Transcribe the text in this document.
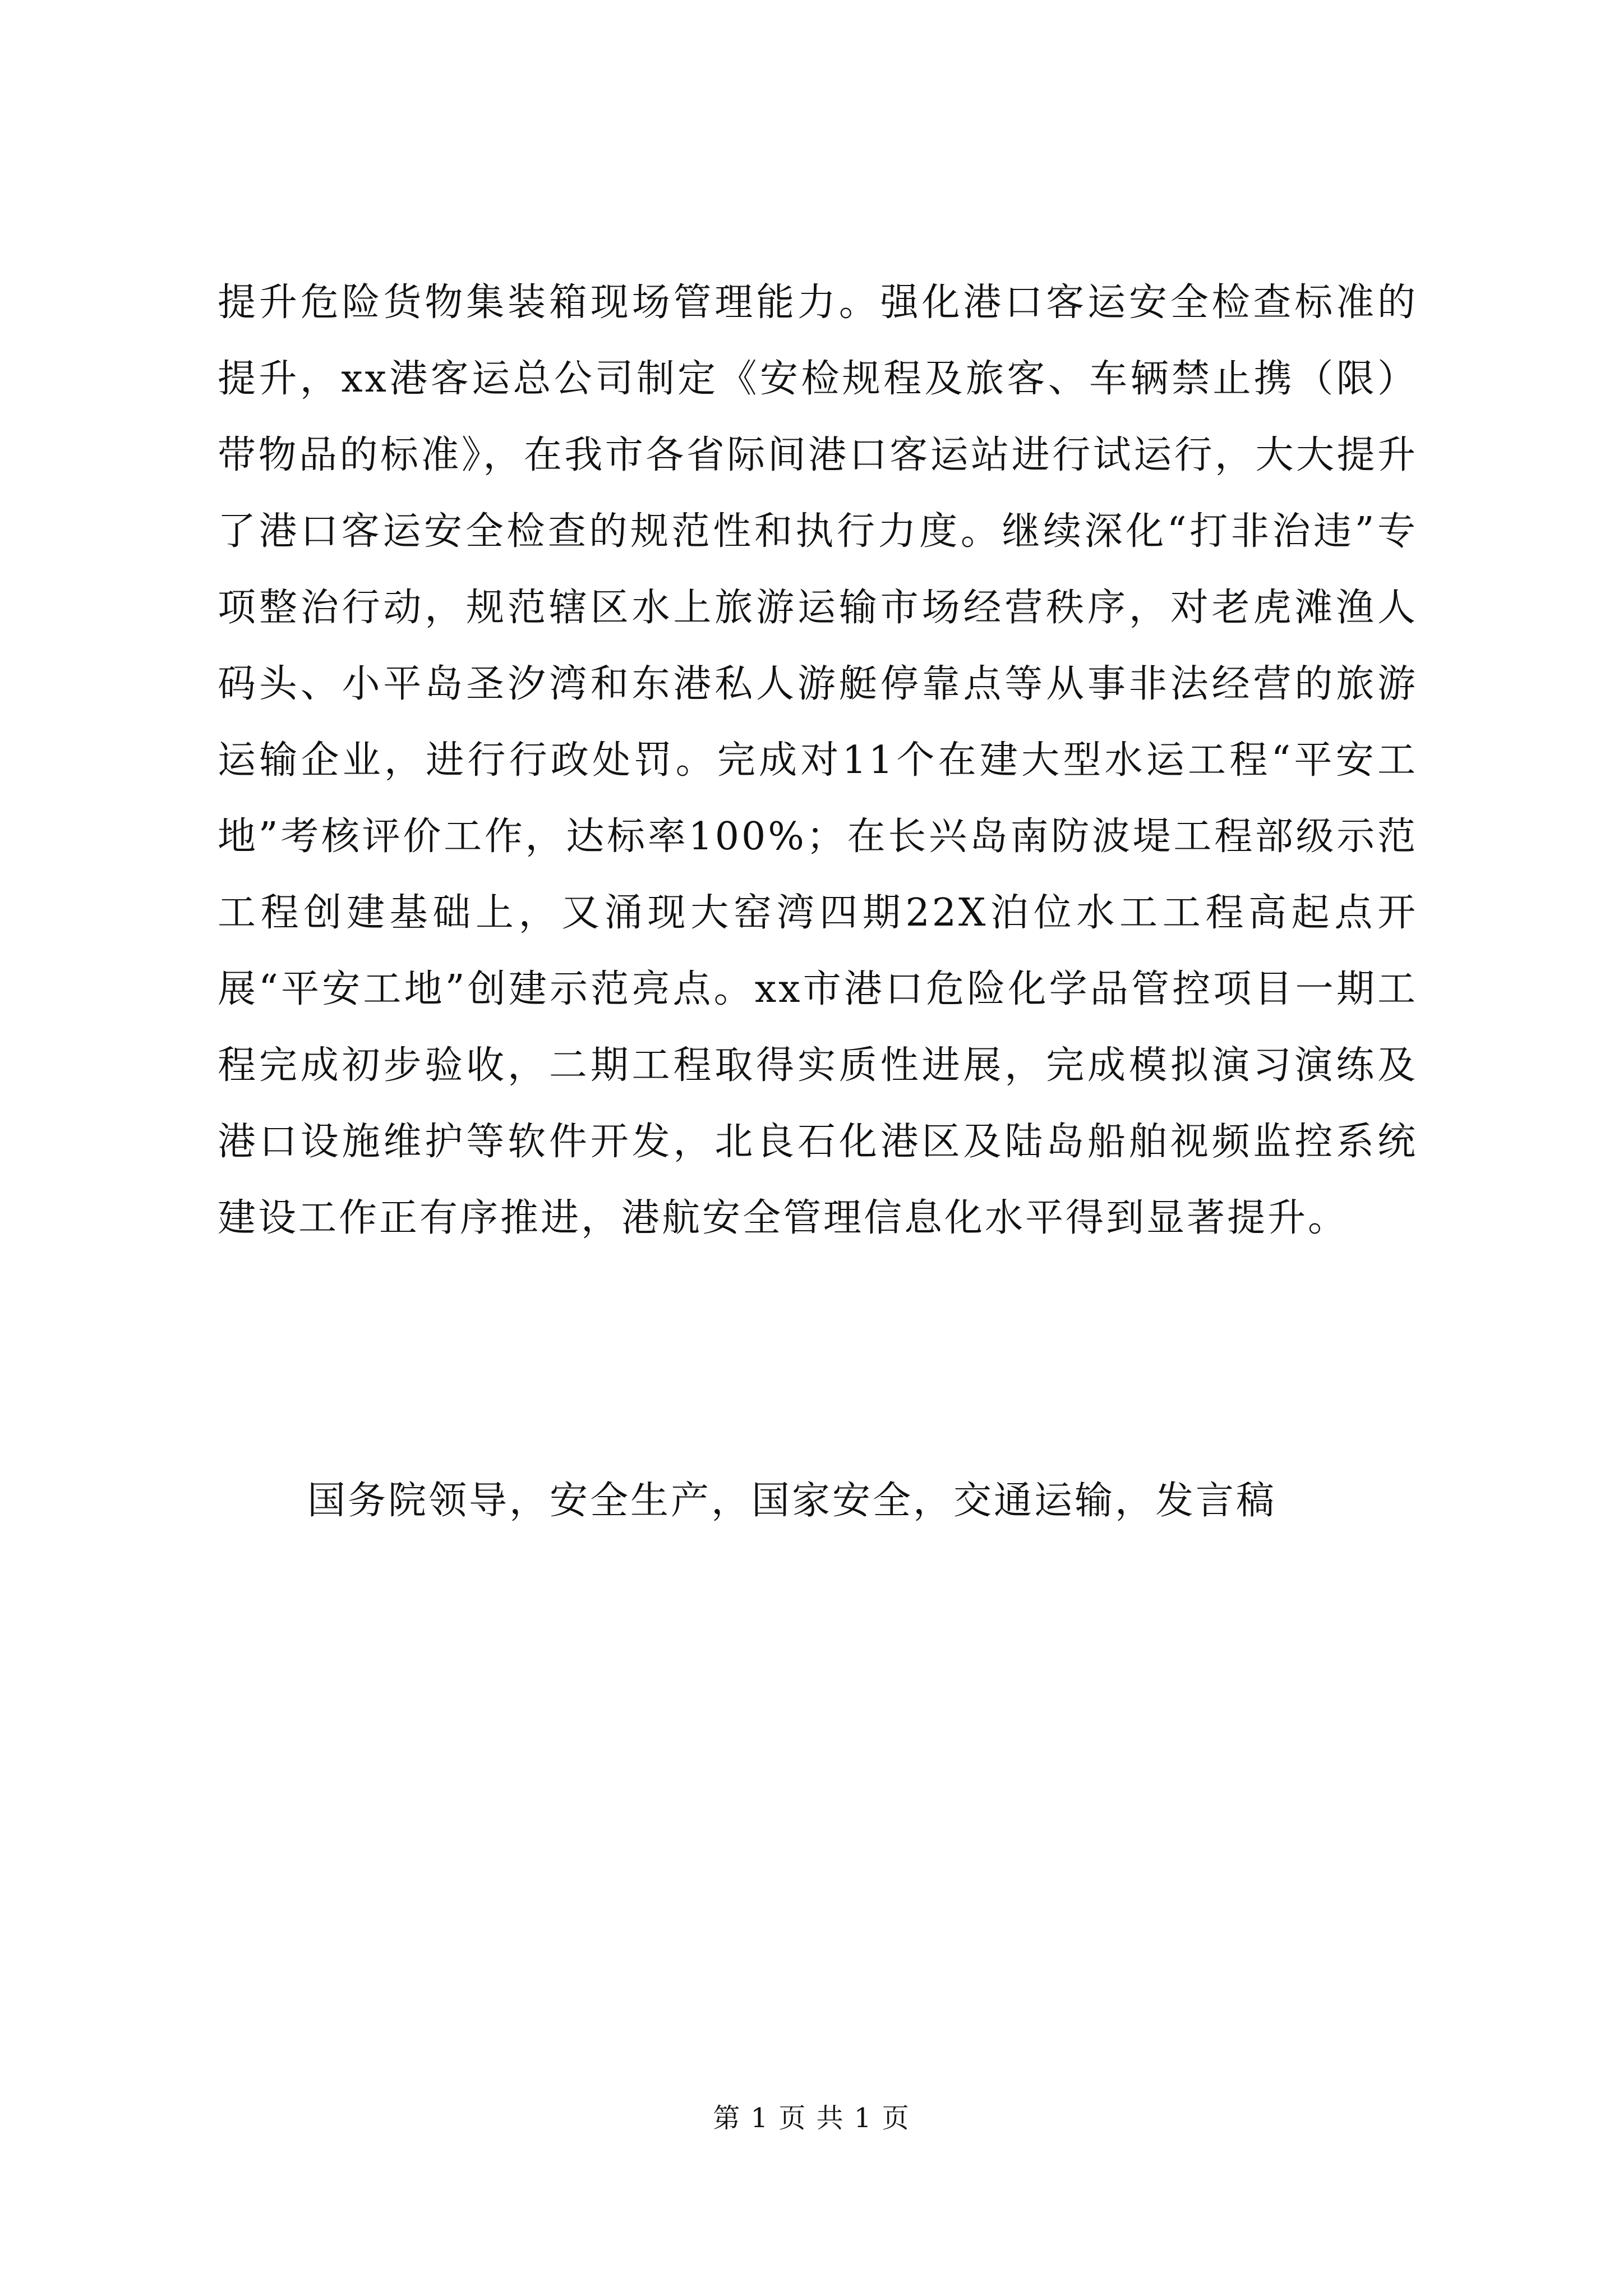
提升危险货物集装箱现场管理能力。强化港口客运安全检查标准的提升，xx港客运总公司制定《安检规程及旅客、车辆禁止携（限）带物品的标准》，在我市各省际间港口客运站进行试运行，大大提升了港口客运安全检查的规范性和执行力度。继续深化“打非治违”专项整治行动，规范辖区水上旅游运输市场经营秩序，对老虎滩渔人码头、小平岛圣汐湾和东港私人游艇停靠点等从事非法经营的旅游运输企业，进行行政处罚。完成对11个在建大型水运工程“平安工地”考核评价工作，达标率100%；在长兴岛南防波堤工程部级示范工程创建基础上，又涌现大窑湾四期22X泊位水工工程高起点开展“平安工地”创建示范亮点。xx市港口危险化学品管控项目一期工程完成初步验收，二期工程取得实质性进展，完成模拟演习演练及港口设施维护等软件开发，北良石化港区及陆岛船舶视频监控系统建设工作正有序推进，港航安全管理信息化水平得到显著提升。

国务院领导，安全生产，国家安全，交通运输，发言稿

第 1 页 共 1 页
